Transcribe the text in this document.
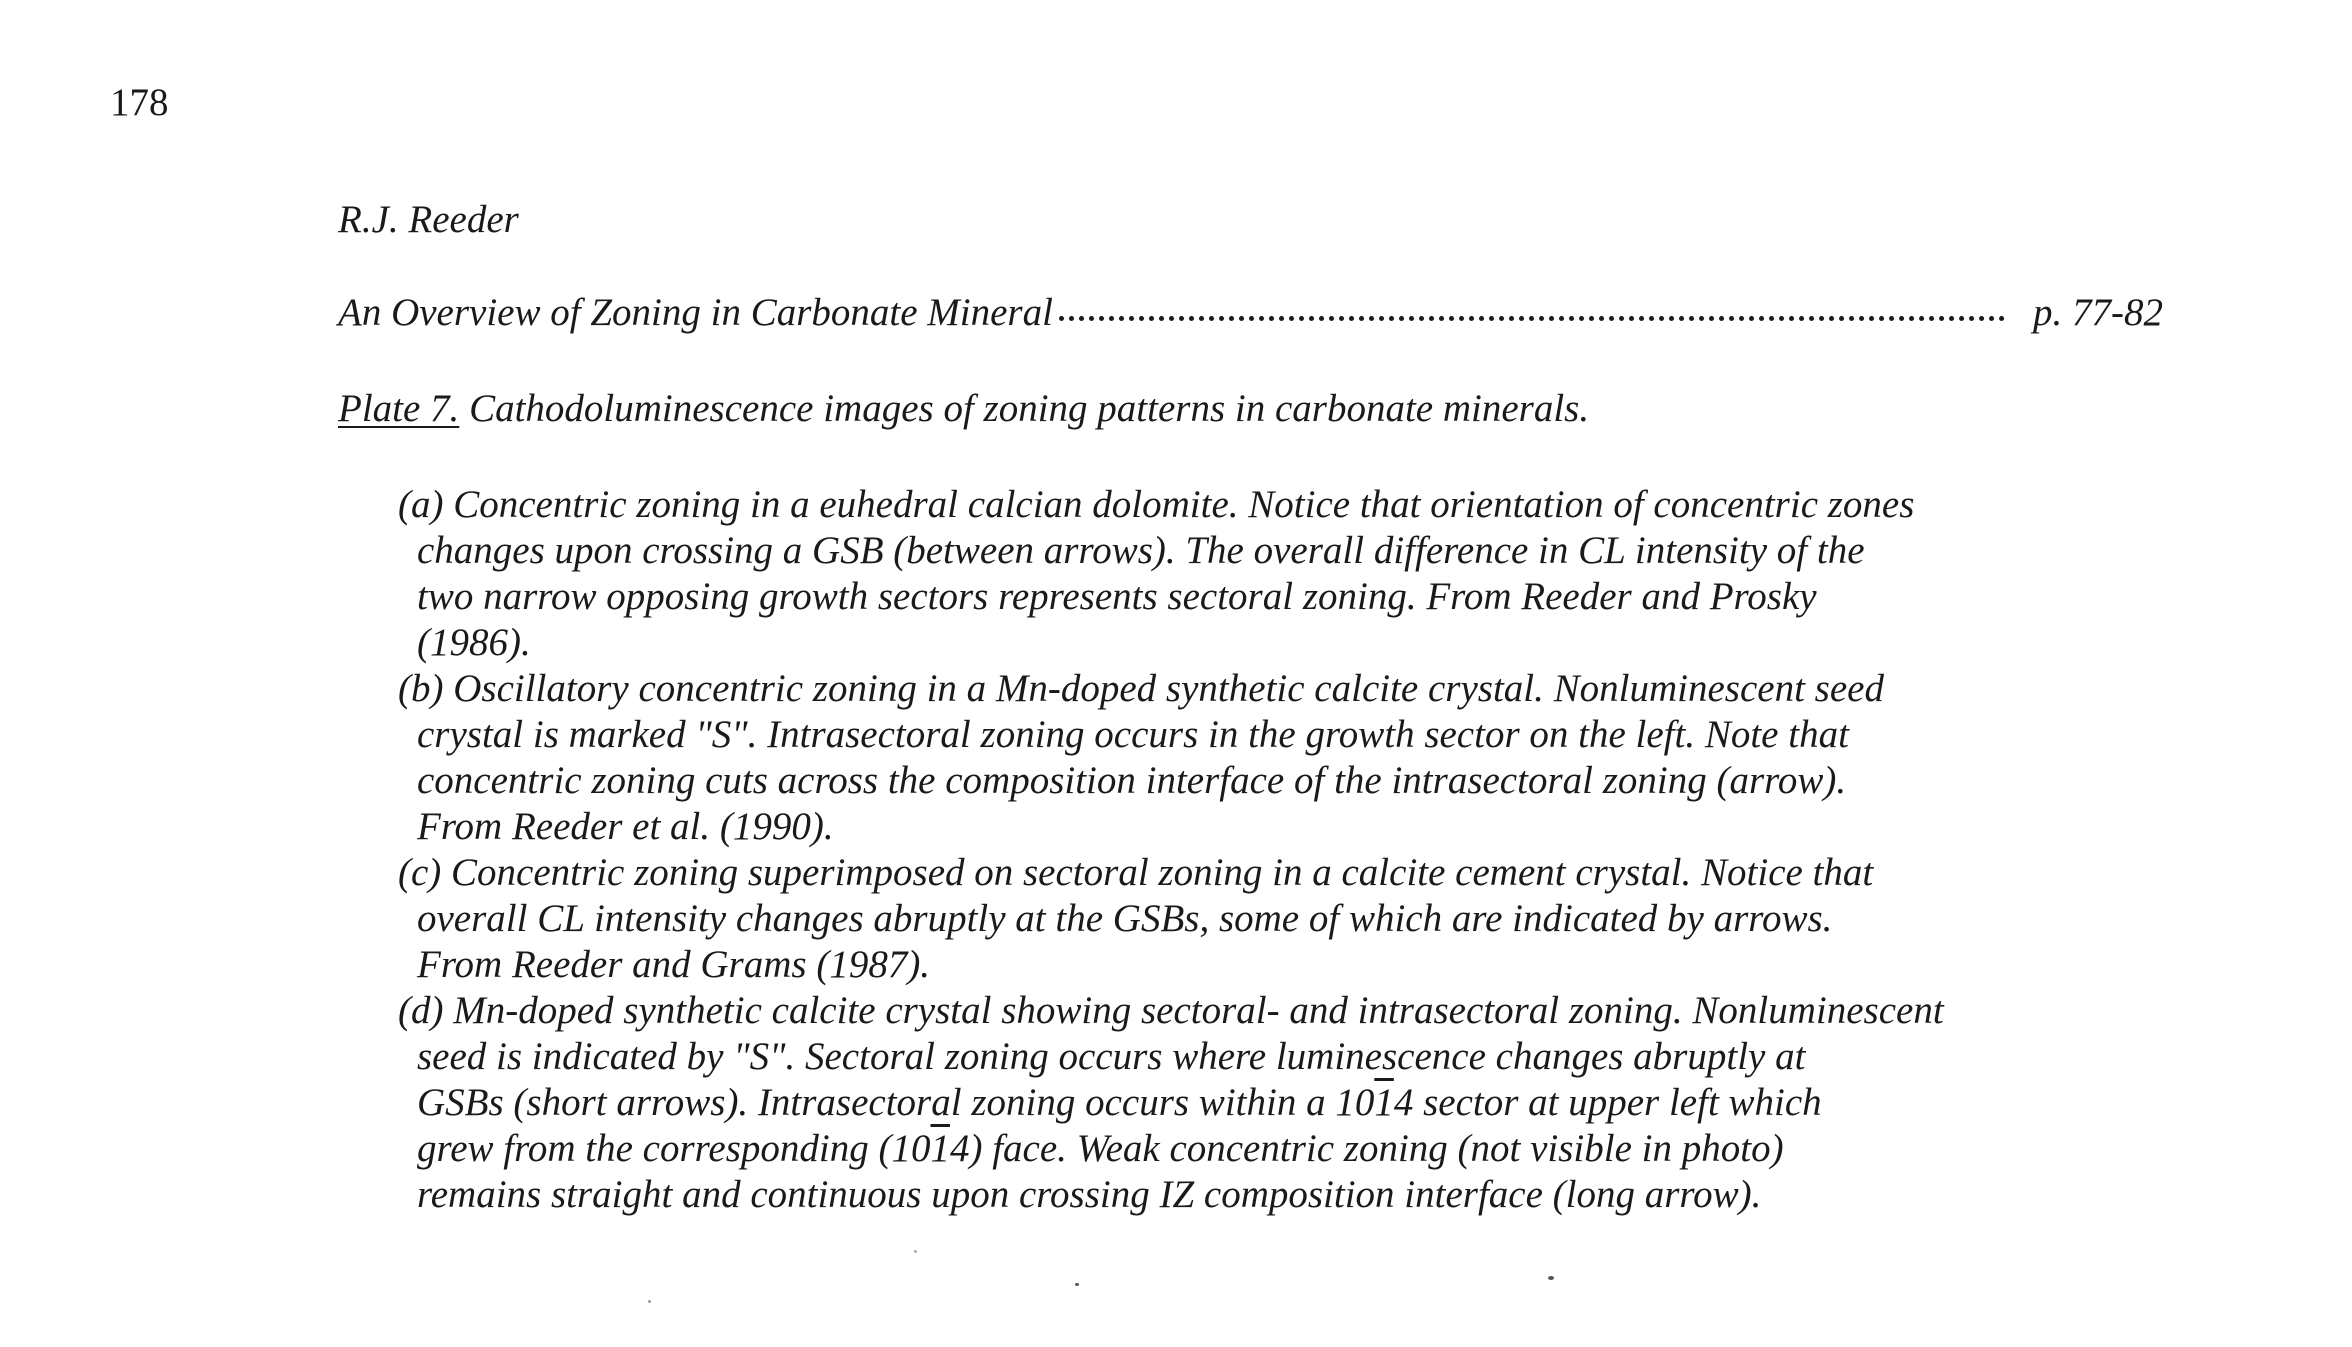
178
R.J. Reeder
An Overview of Zoning in Carbonate Mineral	p. 77-82
Plate 7. Cathodoluminescence images of zoning patterns in carbonate minerals.
(a) Concentric zoning in a euhedral calcian dolomite. Notice that orientation of concentric zones
changes upon crossing a GSB (between arrows). The overall difference in CL intensity of the
two narrow opposing growth sectors represents sectoral zoning. From Reeder and Prosky
(1986).
(b) Oscillatory concentric zoning in a Mn-doped synthetic calcite crystal. Nonluminescent seed
crystal is marked "S". Intrasectoral zoning occurs in the growth sector on the left. Note that
concentric zoning cuts across the composition interface of the intrasectoral zoning (arrow).
From Reeder et al. (1990).
(c) Concentric zoning superimposed on sectoral zoning in a calcite cement crystal. Notice that
overall CL intensity changes abruptly at the GSBs, some of which are indicated by arrows.
From Reeder and Grams (1987).
(d) Mn-doped synthetic calcite crystal showing sectoral- and intrasectoral zoning. Nonluminescent
seed is indicated by "S". Sectoral zoning occurs where luminescence changes abruptly at
GSBs (short arrows). Intrasectoral zoning occurs within a 1014 sector at upper left which
grew from the corresponding (1014) face. Weak concentric zoning (not visible in photo)
remains straight and continuous upon crossing IZ composition interface (long arrow).
